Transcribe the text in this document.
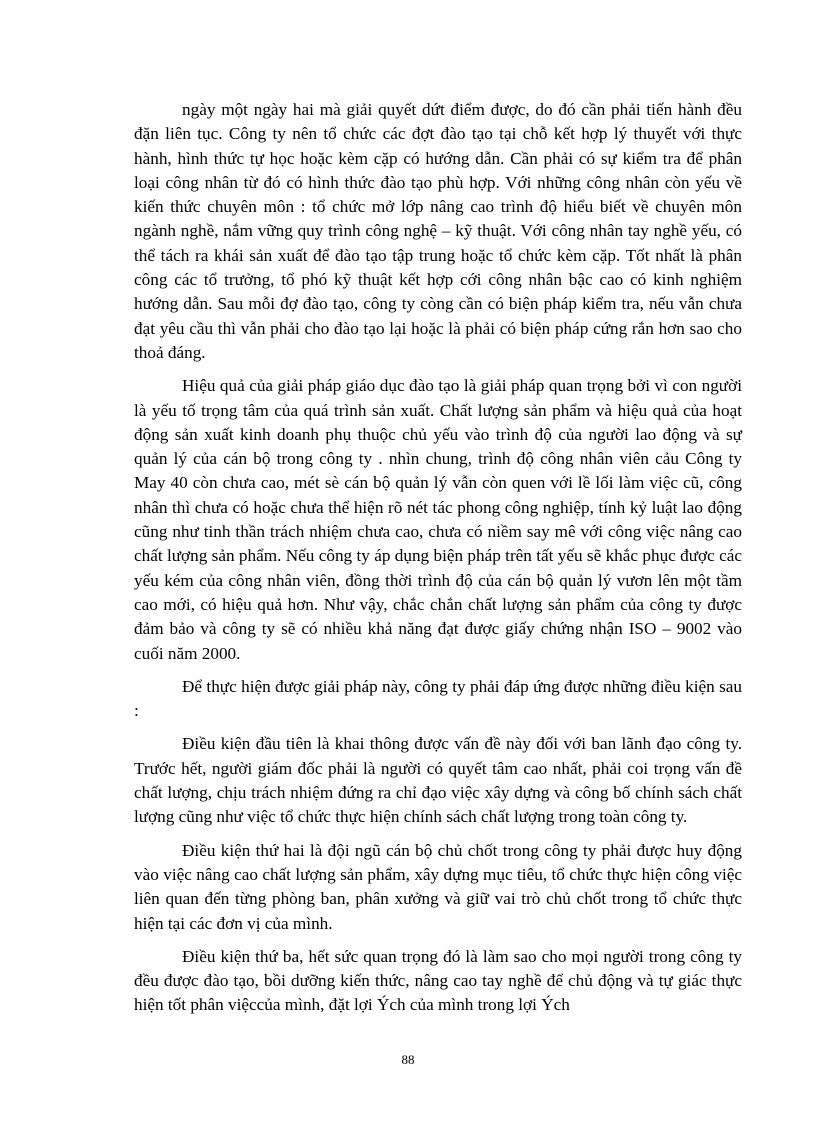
ngày một ngày hai mà giải quyết dứt điểm được, do đó cần phải tiến hành đều đặn liên tục. Công ty nên tổ chức các đợt đào tạo tại chỗ kết hợp lý thuyết với thực hành, hình thức tự học hoặc kèm cặp có hướng dẫn. Cần phải có sự kiểm tra để phân loại công nhân từ đó có hình thức đào tạo phù hợp. Với những công nhân còn yếu về kiến thức chuyên môn : tổ chức mở lớp nâng cao trình độ hiểu biết về chuyên môn ngành nghề, nắm vững quy trình công nghệ – kỹ thuật. Với công nhân tay nghề yếu, có thể tách ra khái sản xuất để đào tạo tập trung hoặc tổ chức kèm cặp. Tốt nhất là phân công các tổ trưởng, tổ phó kỹ thuật kết hợp cới công nhân bậc cao có kinh nghiệm hướng dẫn. Sau mỗi đợ đào tạo, công ty còng cần có biện pháp kiểm tra, nếu vẫn chưa đạt yêu cầu thì vẫn phải cho đào tạo lại hoặc là phải có biện pháp cứng rắn hơn sao cho thoả đáng.

Hiệu quả của giải pháp giáo dục đào tạo là giải pháp quan trọng bởi vì con người là yếu tố trọng tâm của quá trình sản xuất. Chất lượng sản phẩm và hiệu quả của hoạt động sản xuất kinh doanh phụ thuộc chủ yếu vào trình độ của người lao động và sự quản lý của cán bộ trong công ty . nhìn chung, trình độ công nhân viên cảu Công ty May 40 còn chưa cao, mét sè cán bộ quản lý vẫn còn quen với lề lối làm việc cũ, công nhân thì chưa có hoặc chưa thể hiện rõ nét tác phong công nghiệp, tính kỷ luật lao động cũng như tinh thần trách nhiệm chưa cao, chưa có niềm say mê với công việc nâng cao chất lượng sản phẩm. Nếu công ty áp dụng biện pháp trên tất yếu sẽ khắc phục được các yếu kém của công nhân viên, đồng thời trình độ của cán bộ quản lý vươn lên một tầm cao mới, có hiệu quả hơn. Như vậy, chắc chắn chất lượng sản phẩm của công ty được đảm bảo và công ty sẽ có nhiều khả năng đạt được giấy chứng nhận ISO – 9002 vào cuối năm 2000.

Để thực hiện được giải pháp này, công ty phải đáp ứng được những điều kiện sau :

Điều kiện đầu tiên là khai thông được vấn đề này đối với ban lãnh đạo công ty. Trước hết, người giám đốc phải là người có quyết tâm cao nhất, phải coi trọng vấn đề chất lượng, chịu trách nhiệm đứng ra chỉ đạo việc xây dựng và công bố chính sách chất lượng cũng như việc tổ chức thực hiện chính sách chất lượng trong toàn công ty.

Điều kiện thứ hai là đội ngũ cán bộ chủ chốt trong công ty phải được huy động vào việc nâng cao chất lượng sản phẩm, xây dựng mục tiêu, tổ chức thực hiện công việc liên quan đến từng phòng ban, phân xưởng và giữ vai trò chủ chốt trong tổ chức thực hiện tại các đơn vị của mình.

Điều kiện thứ ba, hết sức quan trọng đó là làm sao cho mọi người trong công ty đều được đào tạo, bồi dưỡng kiến thức, nâng cao tay nghề để chủ động và tự giác thực hiện tốt phân việccủa mình, đặt lợi Ých của mình trong lợi Ých

88
